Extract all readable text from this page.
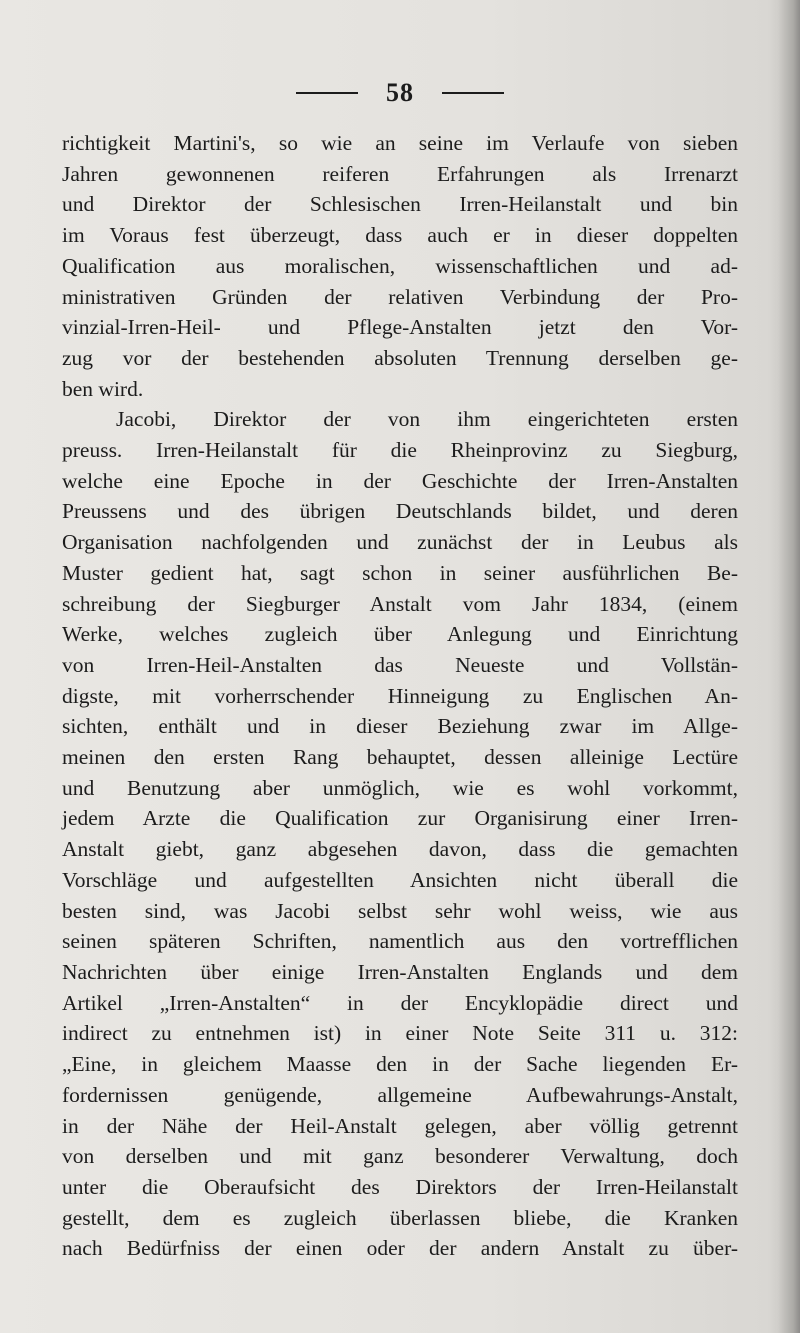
58
richtigkeit Martini's, so wie an seine im Verlaufe von sieben
Jahren gewonnenen reiferen Erfahrungen als Irrenarzt
und Direktor der Schlesischen Irren-Heilanstalt und bin
im Voraus fest überzeugt, dass auch er in dieser doppelten
Qualification aus moralischen, wissenschaftlichen und ad-
ministrativen Gründen der relativen Verbindung der Pro-
vinzial-Irren-Heil- und Pflege-Anstalten jetzt den Vor-
zug vor der bestehenden absoluten Trennung derselben ge-
ben wird.
Jacobi, Direktor der von ihm eingerichteten ersten
preuss. Irren-Heilanstalt für die Rheinprovinz zu Siegburg,
welche eine Epoche in der Geschichte der Irren-Anstalten
Preussens und des übrigen Deutschlands bildet, und deren
Organisation nachfolgenden und zunächst der in Leubus als
Muster gedient hat, sagt schon in seiner ausführlichen Be-
schreibung der Siegburger Anstalt vom Jahr 1834, (einem
Werke, welches zugleich über Anlegung und Einrichtung
von Irren-Heil-Anstalten das Neueste und Vollstän-
digste, mit vorherrschender Hinneigung zu Englischen An-
sichten, enthält und in dieser Beziehung zwar im Allge-
meinen den ersten Rang behauptet, dessen alleinige Lectüre
und Benutzung aber unmöglich, wie es wohl vorkommt,
jedem Arzte die Qualification zur Organisirung einer Irren-
Anstalt giebt, ganz abgesehen davon, dass die gemachten
Vorschläge und aufgestellten Ansichten nicht überall die
besten sind, was Jacobi selbst sehr wohl weiss, wie aus
seinen späteren Schriften, namentlich aus den vortrefflichen
Nachrichten über einige Irren-Anstalten Englands und dem
Artikel „Irren-Anstalten“ in der Encyklopädie direct und
indirect zu entnehmen ist) in einer Note Seite 311 u. 312:
„Eine, in gleichem Maasse den in der Sache liegenden Er-
fordernissen genügende, allgemeine Aufbewahrungs-Anstalt,
in der Nähe der Heil-Anstalt gelegen, aber völlig getrennt
von derselben und mit ganz besonderer Verwaltung, doch
unter die Oberaufsicht des Direktors der Irren-Heilanstalt
gestellt, dem es zugleich überlassen bliebe, die Kranken
nach Bedürfniss der einen oder der andern Anstalt zu über-
